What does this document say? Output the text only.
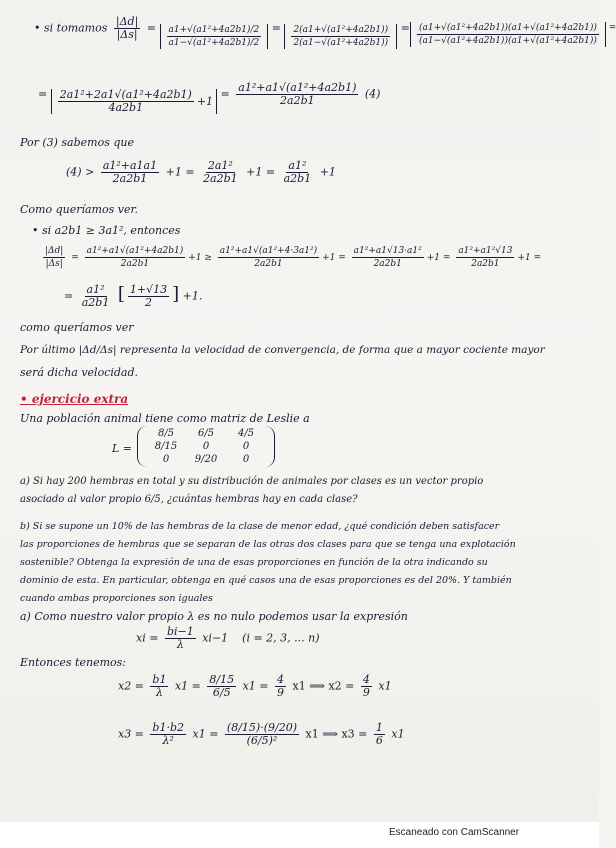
• si tomamos $\frac{|\Delta d|}{|\Delta s|} = \frac{\text{a1+√(a1²+4a2b1)/2}}{\text{a1−√(a1²+4a2b1)/2}} = \frac{\text{2(a1+√(a1²+4a2b1))}}{\text{2(a1−√(a1²+4a2b1))}} = \frac{\text{(a1+√(a1²+4a2b1))(a1+√(a1²+4a2b1))}}{\text{(a1−√(a1²+4a2b1))(a1+√(a1²+4a2b1))}}$ =
= $\frac{\text{2a1²+2a1√(a1²+4a2b1)}}{4a2b1} +1$
= $\frac{\text{a1²+a1√(a1²+4a2b1)}}{2a2b1} (4)$
Por (3) sabemos que
$(4) > \frac{\text{a1²+a1a1}}{2a2b1} +1 = \frac{\text{2a1²}}{2a2b1} +1 = \frac{\text{a1²}}{a2b1} +1$
Como queríamos ver.
• si a2b1 ≥ 3a1², entonces
$\frac{|\Delta d|}{|\Delta s|} = \frac{\text{a1²+a1√(a1²+4a2b1)}}{2a2b1} +1 \ge \frac{\text{a1²+a1√(a1²+4·3a1²)}}{2a2b1} +1 = \frac{\text{a1²+a1√13·a1²}}{2a2b1} +1 = \frac{\text{a1²+a1²√13}}{2a2b1} +1$ =
= $\frac{\text{a1²}}{a2b1}$ [ $\frac{1+√13}{2}$ ] +1.
como queríamos ver
Por último |Δd/Δs| representa la velocidad de convergencia, de forma que a mayor cociente mayor
será dicha velocidad.
• ejercicio extra
Una población animal tiene como matriz de Leslie a
L =
8/5	6/5	4/5
8/15	0	0
0	9/20	0
a) Si hay 200 hembras en total y su distribución de animales por clases es un vector propio
asociado al valor propio 6/5, ¿cuántas hembras hay en cada clase?
b) Si se supone un 10% de las hembras de la clase de menor edad, ¿qué condición deben satisfacer
las proporciones de hembras que se separan de las otras dos clases para que se tenga una explotación
sostenible? Obtenga la expresión de una de esas proporciones en función de la otra indicando su
dominio de esta. En particular, obtenga en qué casos una de esas proporciones es del 20%. Y también
cuando ambas proporciones son iguales
a) Como nuestro valor propio λ es no nulo podemos usar la expresión
xi = $\frac{bi-1}{\lambda} xi-1$ (i = 2, 3, ... n)
Entonces tenemos:
$x2 = \frac{b1}{\lambda} x1 = \frac{8/15}{6/5} x1 = \frac{4}{9} x1$ ⟹ $x2 = \frac{4}{9} x1$
$x3 = \frac{b1\cdot b2}{\text{λ²}} x1 = \frac{(8/15)\cdot(9/20)}{\text{(6/5)²}} x1$ ⟹ $x3 = \frac{1}{6} x1$
Escaneado con CamScanner
